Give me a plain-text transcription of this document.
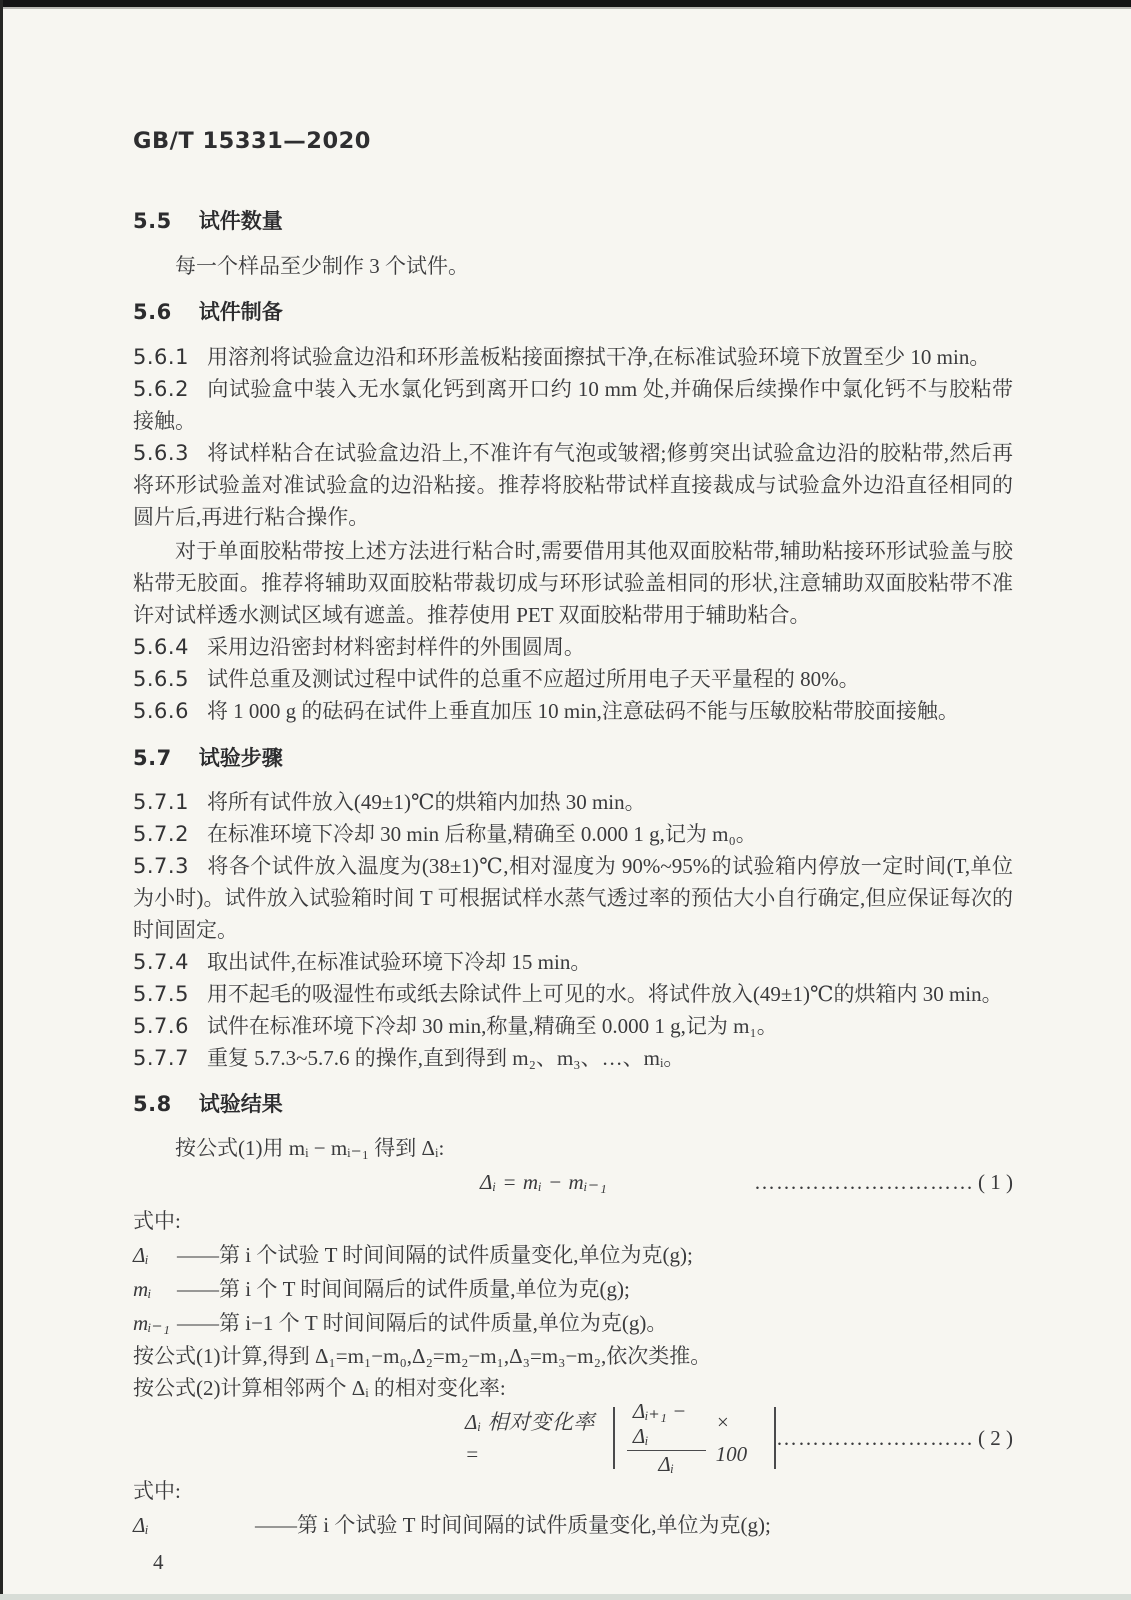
GB/T 15331—2020
5.5 试件数量

每一个样品至少制作 3 个试件。

5.6 试件制备

5.6.1 用溶剂将试验盒边沿和环形盖板粘接面擦拭干净,在标准试验环境下放置至少 10 min。

5.6.2 向试验盒中装入无水氯化钙到离开口约 10 mm 处,并确保后续操作中氯化钙不与胶粘带接触。

5.6.3 将试样粘合在试验盒边沿上,不准许有气泡或皱褶;修剪突出试验盒边沿的胶粘带,然后再将环形试验盖对准试验盒的边沿粘接。推荐将胶粘带试样直接裁成与试验盒外边沿直径相同的圆片后,再进行粘合操作。

对于单面胶粘带按上述方法进行粘合时,需要借用其他双面胶粘带,辅助粘接环形试验盖与胶粘带无胶面。推荐将辅助双面胶粘带裁切成与环形试验盖相同的形状,注意辅助双面胶粘带不准许对试样透水测试区域有遮盖。推荐使用 PET 双面胶粘带用于辅助粘合。

5.6.4 采用边沿密封材料密封样件的外围圆周。

5.6.5 试件总重及测试过程中试件的总重不应超过所用电子天平量程的 80%。

5.6.6 将 1 000 g 的砝码在试件上垂直加压 10 min,注意砝码不能与压敏胶粘带胶面接触。

5.7 试验步骤

5.7.1 将所有试件放入(49±1)℃的烘箱内加热 30 min。

5.7.2 在标准环境下冷却 30 min 后称量,精确至 0.000 1 g,记为 m₀。

5.7.3 将各个试件放入温度为(38±1)℃,相对湿度为 90%~95%的试验箱内停放一定时间(T,单位为小时)。试件放入试验箱时间 T 可根据试样水蒸气透过率的预估大小自行确定,但应保证每次的时间固定。

5.7.4 取出试件,在标准试验环境下冷却 15 min。

5.7.5 用不起毛的吸湿性布或纸去除试件上可见的水。将试件放入(49±1)℃的烘箱内 30 min。

5.7.6 试件在标准环境下冷却 30 min,称量,精确至 0.000 1 g,记为 m₁。

5.7.7 重复 5.7.3~5.7.6 的操作,直到得到 m₂、m₃、…、mᵢ。

5.8 试验结果

按公式(1)用 mᵢ − mᵢ₋₁ 得到 Δᵢ:

Δᵢ = mᵢ − mᵢ₋₁	………………………… ( 1 )

式中:

Δᵢ	——第 i 个试验 T 时间间隔的试件质量变化,单位为克(g);
mᵢ	——第 i 个 T 时间间隔后的试件质量,单位为克(g);
mᵢ₋₁ ——第 i−1 个 T 时间间隔后的试件质量,单位为克(g)。

按公式(1)计算,得到 Δ₁=m₁−m₀,Δ₂=m₂−m₁,Δ₃=m₃−m₂,依次类推。

按公式(2)计算相邻两个 Δᵢ 的相对变化率:

Δᵢ 相对变化率 =	$\frac{\text{Δᵢ₊₁ − Δᵢ}}{\text{Δᵢ}} \times 100$
……………………… ( 2 )

式中:

Δᵢ	——第 i 个试验 T 时间间隔的试件质量变化,单位为克(g);
4
